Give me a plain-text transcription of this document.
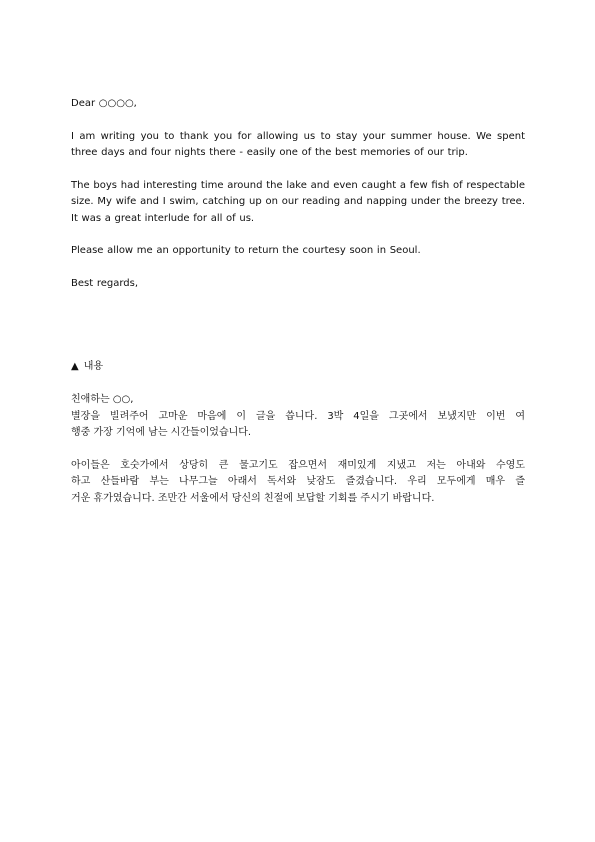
Dear ○○○○,

I am writing you to thank you for allowing us to stay your summer house. We spent three days and four nights there - easily one of the best memories of our trip.

The boys had interesting time around the lake and even caught a few fish of respectable size. My wife and I swim, catching up on our reading and napping under the breezy tree. It was a great interlude for all of us.

Please allow me an opportunity to return the courtesy soon in Seoul.

Best regards,

▲ 내용

친애하는 ○○,

별장을 빌려주어 고마운 마음에 이 글을 씁니다. 3박 4일을 그곳에서 보냈지만 이번 여
행중 가장 기억에 남는 시간들이었습니다.

아이들은 호숫가에서 상당히 큰 물고기도 잡으면서 재미있게 지냈고 저는 아내와 수영도
하고 산들바람 부는 나무그늘 아래서 독서와 낮잠도 즐겼습니다. 우리 모두에게 매우 즐
거운 휴가였습니다. 조만간 서울에서 당신의 친절에 보답할 기회를 주시기 바랍니다.
